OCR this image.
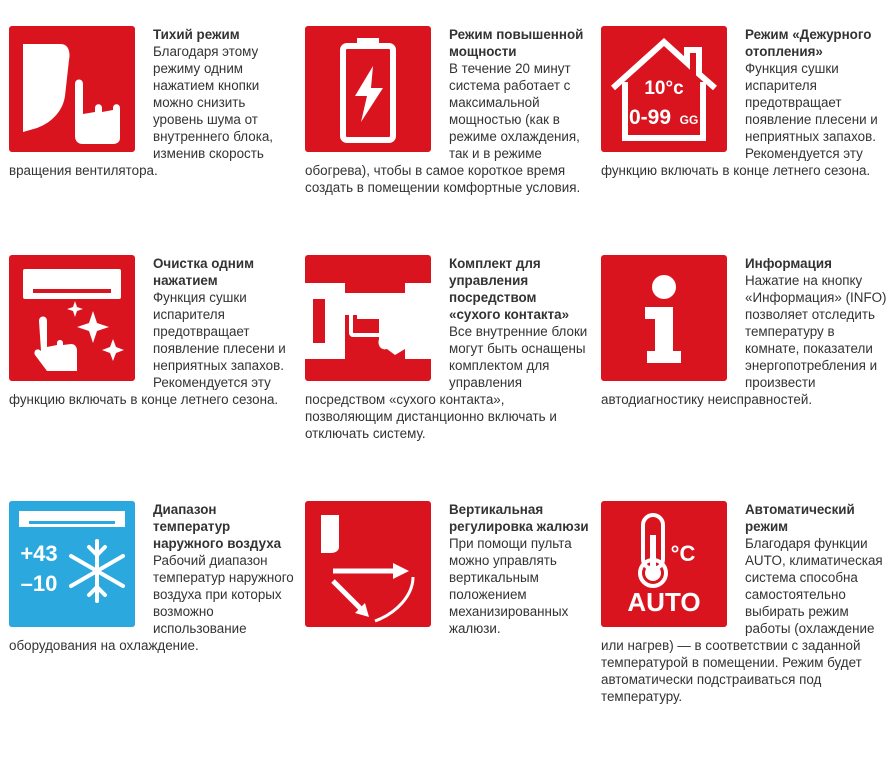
Тихий режим
Благодаря этому режиму одним нажатием кнопки можно снизить уровень шума от внутреннего блока, изменив скорость вращения вентилятора.
Режим повышенной мощности
В течение 20 минут система работает с максимальной мощностью (как в режиме охлаждения, так и в режиме обогрева), чтобы в самое короткое время создать в помещении комфортные условия.
10°c
0-99 GG
Режим «Дежурного отопления»
Функция сушки испарителя предотвращает появление плесени и неприятных запахов. Рекомендуется эту функцию включать в конце летнего сезона.
Очистка одним нажатием
Функция сушки испарителя предотвращает появление плесени и неприятных запахов. Рекомендуется эту функцию включать в конце летнего сезона.
Комплект для управления посредством «сухого контакта»
Все внутренние блоки могут быть оснащены комплектом для управления посредством «сухого контакта», позволяющим дистанционно включать и отключать систему.
Информация
Нажатие на кнопку «Информация» (INFO) позволяет отследить температуру в комнате, показатели энергопотребления и произвести автодиагностику неисправностей.
+43
–10
Диапазон температур наружного воздуха
Рабочий диапазон температур наружного воздуха при которых возможно использование оборудования на охлаждение.
Вертикальная регулировка жалюзи
При помощи пульта можно управлять вертикальным положением механизированных жалюзи.
°C
AUTO
Автоматический режим
Благодаря функции AUTO, климатическая система способна самостоятельно выбирать режим работы (охлаждение или нагрев) — в соответствии с заданной температурой в помещении. Режим будет автоматически подстраиваться под температуру.
